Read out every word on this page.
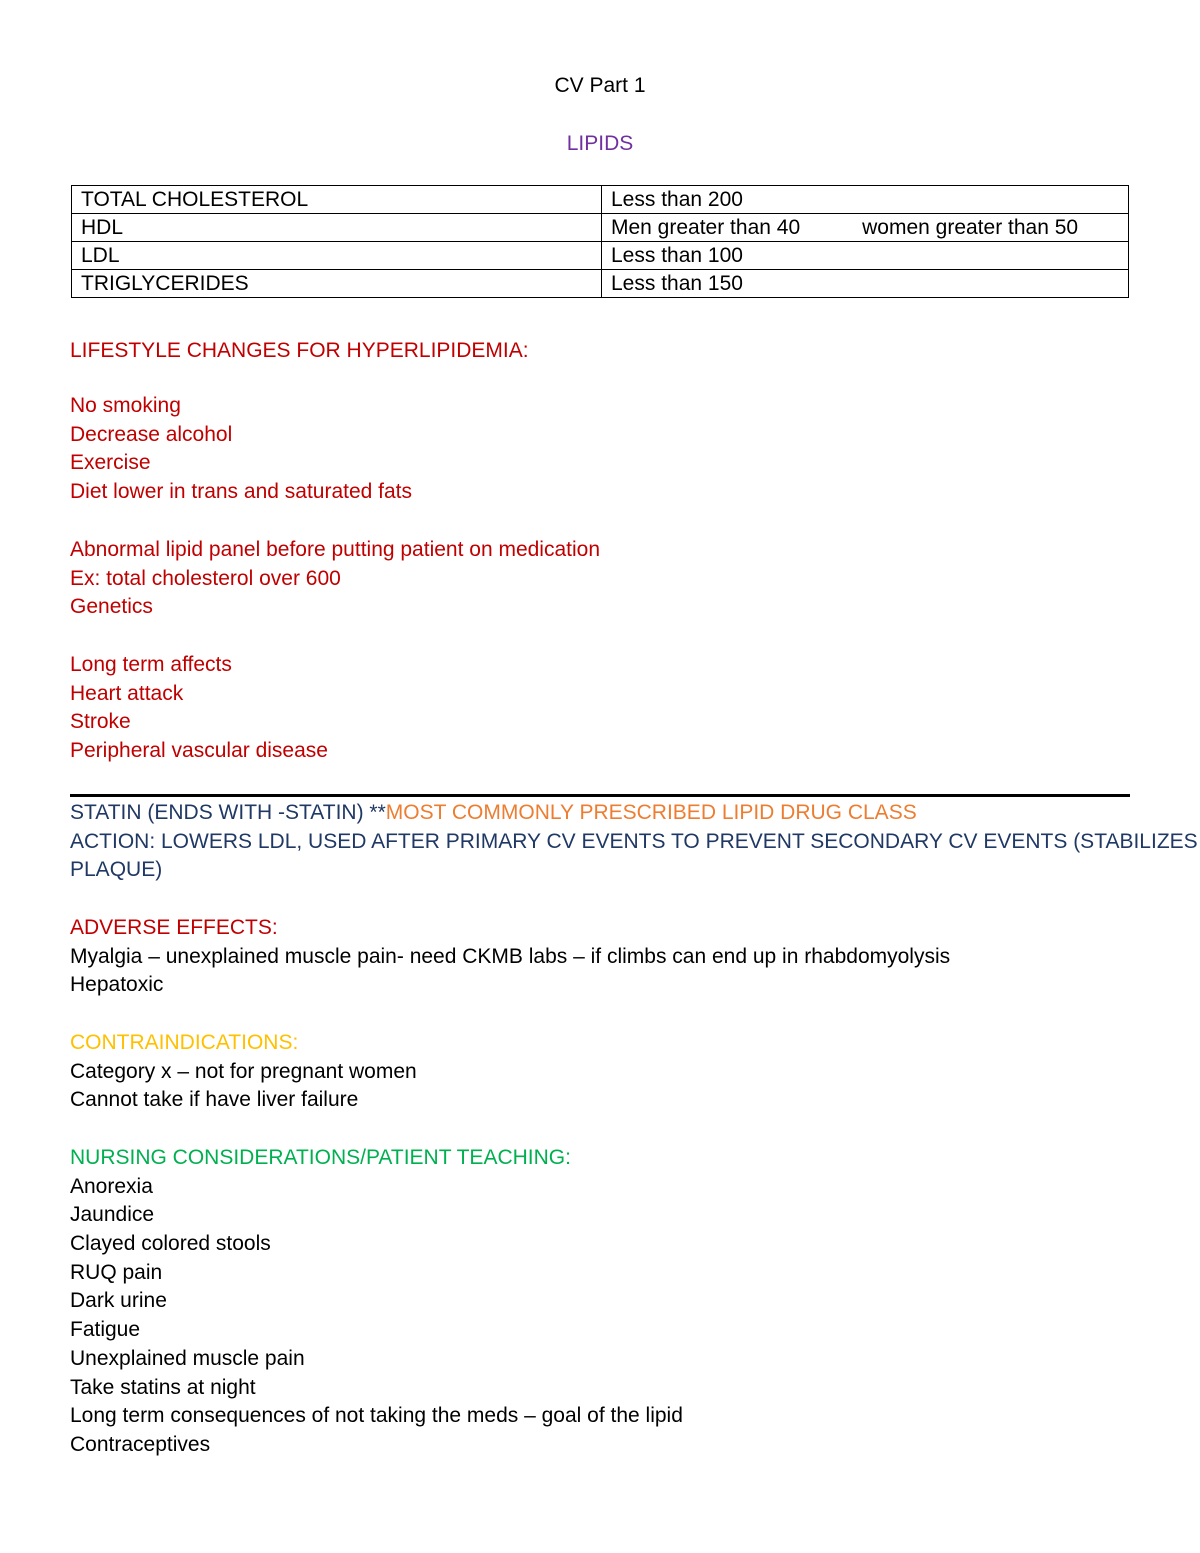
CV Part 1
LIPIDS
TOTAL CHOLESTEROL	Less than 200
HDL	Men greater than 40 women greater than 50
LDL	Less than 100
TRIGLYCERIDES	Less than 150
LIFESTYLE CHANGES FOR HYPERLIPIDEMIA:
No smoking
Decrease alcohol
Exercise
Diet lower in trans and saturated fats
Abnormal lipid panel before putting patient on medication
Ex: total cholesterol over 600
Genetics
Long term affects
Heart attack
Stroke
Peripheral vascular disease
STATIN (ENDS WITH -STATIN) **MOST COMMONLY PRESCRIBED LIPID DRUG CLASS
ACTION: LOWERS LDL, USED AFTER PRIMARY CV EVENTS TO PREVENT SECONDARY CV EVENTS (STABILIZES
PLAQUE)
ADVERSE EFFECTS:
Myalgia – unexplained muscle pain- need CKMB labs – if climbs can end up in rhabdomyolysis
Hepatoxic
CONTRAINDICATIONS:
Category x – not for pregnant women
Cannot take if have liver failure
NURSING CONSIDERATIONS/PATIENT TEACHING:
Anorexia
Jaundice
Clayed colored stools
RUQ pain
Dark urine
Fatigue
Unexplained muscle pain
Take statins at night
Long term consequences of not taking the meds – goal of the lipid
Contraceptives
